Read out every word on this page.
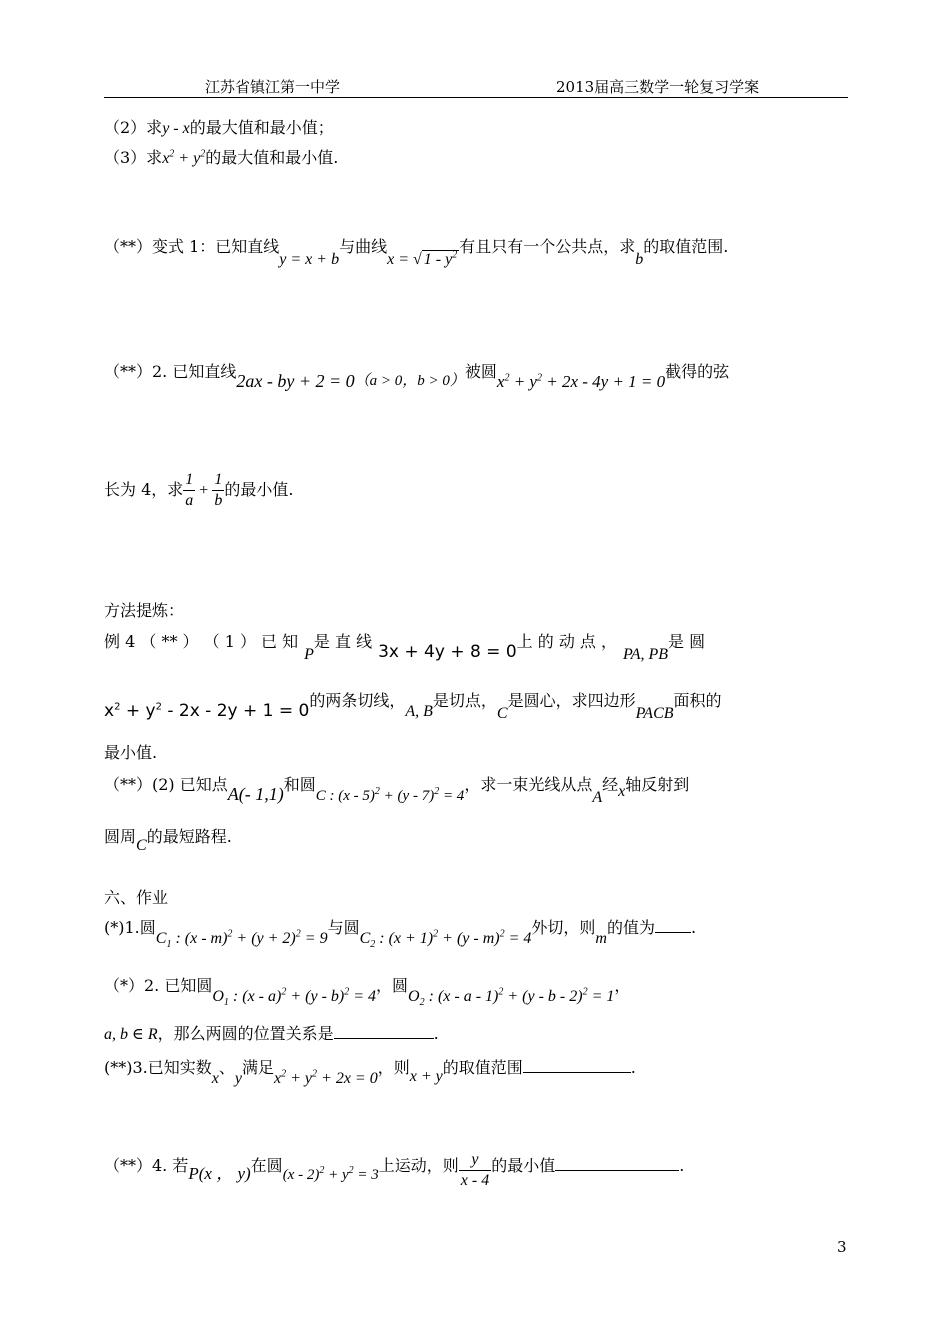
江苏省镇江第一中学	2013届高三数学一轮复习学案
（2）求y - x的最大值和最小值；
（3）求$x^2 + y^2$的最大值和最小值.
（**）变式 1：已知直线y = x + b与曲线x = √ $1 - y^2$ 有且只有一个公共点，求b的取值范围.
（**）2. 已知直线2ax - by + 2 = 0（a > 0，b > 0）被圆$x^2 + y^2 + 2x - 4y + 1 = 0$截得的弦
长为 4，求 $\frac{1}{a} + \frac{1}{b}$ 的最小值.
方法提炼：
例 4 （ ** ） （ 1 ） 已 知P是 直 线3x + 4y + 8 = 0上 的 动 点 ，PA, PB是 圆
$x^2 + y^2 - 2x - 2y + 1 = 0$的两条切线，A, B是切点，C是圆心，求四边形PACB面积的
最小值.
（**）(2) 已知点A(- 1,1)和圆C : (x - 5)$^2$ + (y - 7)$^2$ = 4，求一束光线从点A经x轴反射到
圆周C的最短路程.
六、作业
(*)1.圆$C_1$ : $(x - m)^2 + (y + 2)^2 = 9$与圆$C_2$ : $(x + 1)^2 + (y - m)^2 = 4$外切，则m的值为 .
（*）2. 已知圆$O_1$ : (x - a)$^2$ + (y - b)$^2$ = 4，圆$O_2$ : (x - a - 1)$^2$ + (y - b - 2)$^2$ = 1，
a, b ∈ R，那么两圆的位置关系是	.
(**)3.已知实数x、y满足$x^2 + y^2 + 2x = 0$，则x + y的取值范围	.
（**）4. 若P(x ， y)在圆$(x - 2)^2 + y^2 = 3$上运动，则 $\frac{y}{x - 4}$ 的最小值	.
3
